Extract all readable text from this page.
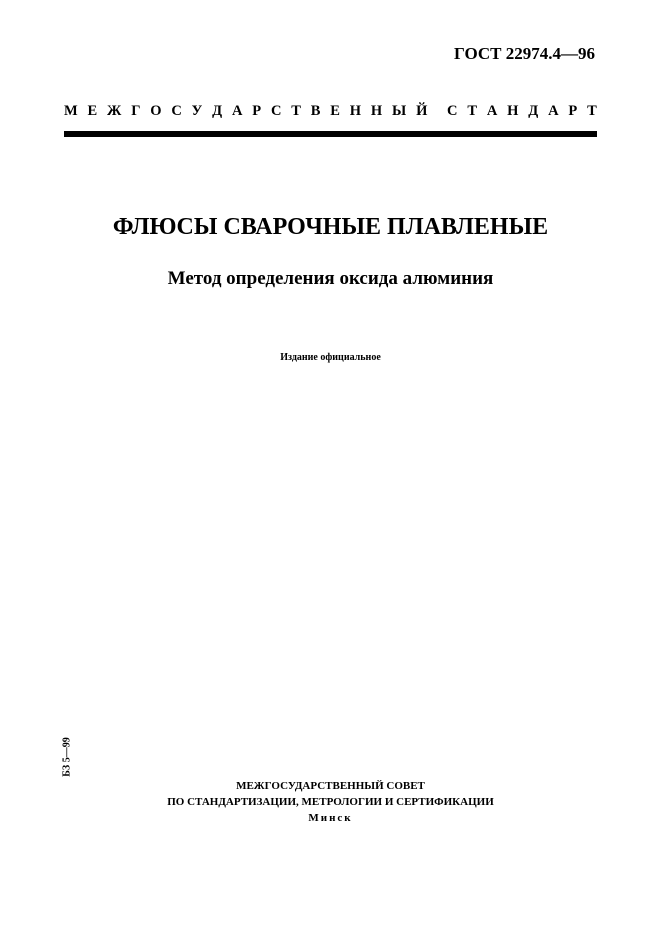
ГОСТ 22974.4—96
М Е Ж Г О С У Д А Р С Т В Е Н Н Ы Й С Т А Н Д А Р Т
ФЛЮСЫ СВАРОЧНЫЕ ПЛАВЛЕНЫЕ
Метод определения оксида алюминия
Издание официальное
БЗ 5—99
МЕЖГОСУДАРСТВЕННЫЙ СОВЕТ
ПО СТАНДАРТИЗАЦИИ, МЕТРОЛОГИИ И СЕРТИФИКАЦИИ
Минск
